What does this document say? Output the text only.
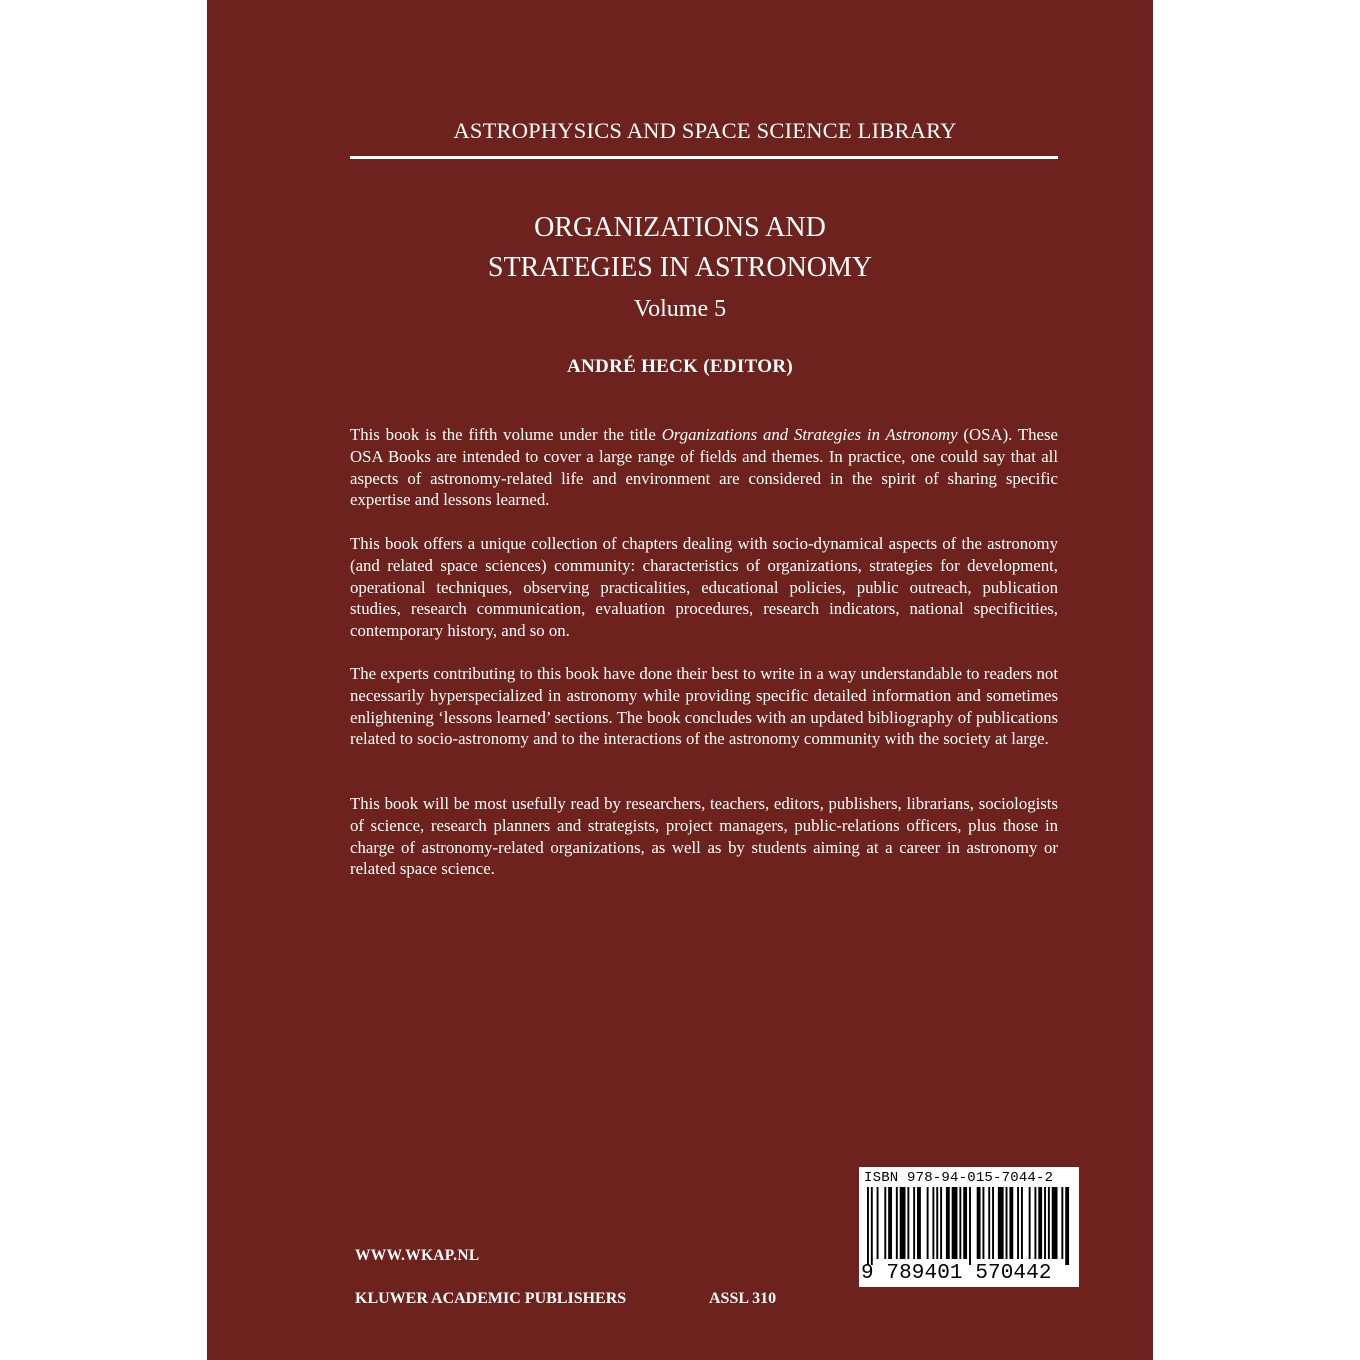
ASTROPHYSICS AND SPACE SCIENCE LIBRARY
ORGANIZATIONS AND
STRATEGIES IN ASTRONOMY
Volume 5
ANDRÉ HECK (EDITOR)

This book is the fifth volume under the title Organizations and Strategies in Astronomy (OSA). These OSA Books are intended to cover a large range of fields and themes. In practice, one could say that all aspects of astronomy-related life and environment are considered in the spirit of sharing specific expertise and lessons learned.

This book offers a unique collection of chapters dealing with socio-dynamical aspects of the astronomy (and related space sciences) community: characteristics of organizations, strategies for development, operational techniques, observing practicalities, educational policies, public outreach, publication studies, research communication, evaluation procedures, research indicators, national specificities, contemporary history, and so on.

The experts contributing to this book have done their best to write in a way understandable to readers not necessarily hyperspecialized in astronomy while providing specific detailed information and sometimes enlightening ‘lessons learned’ sections. The book concludes with an updated bibliography of publications related to socio-astronomy and to the interactions of the astronomy community with the society at large.

This book will be most usefully read by researchers, teachers, editors, publishers, librarians, sociologists of science, research planners and strategists, project managers, public-relations officers, plus those in charge of astronomy-related organizations, as well as by students aiming at a career in astronomy or related space science.

WWW.WKAP.NL
KLUWER ACADEMIC PUBLISHERS	ASSL 310
ISBN 978-94-015-7044-2
9 789401 570442
